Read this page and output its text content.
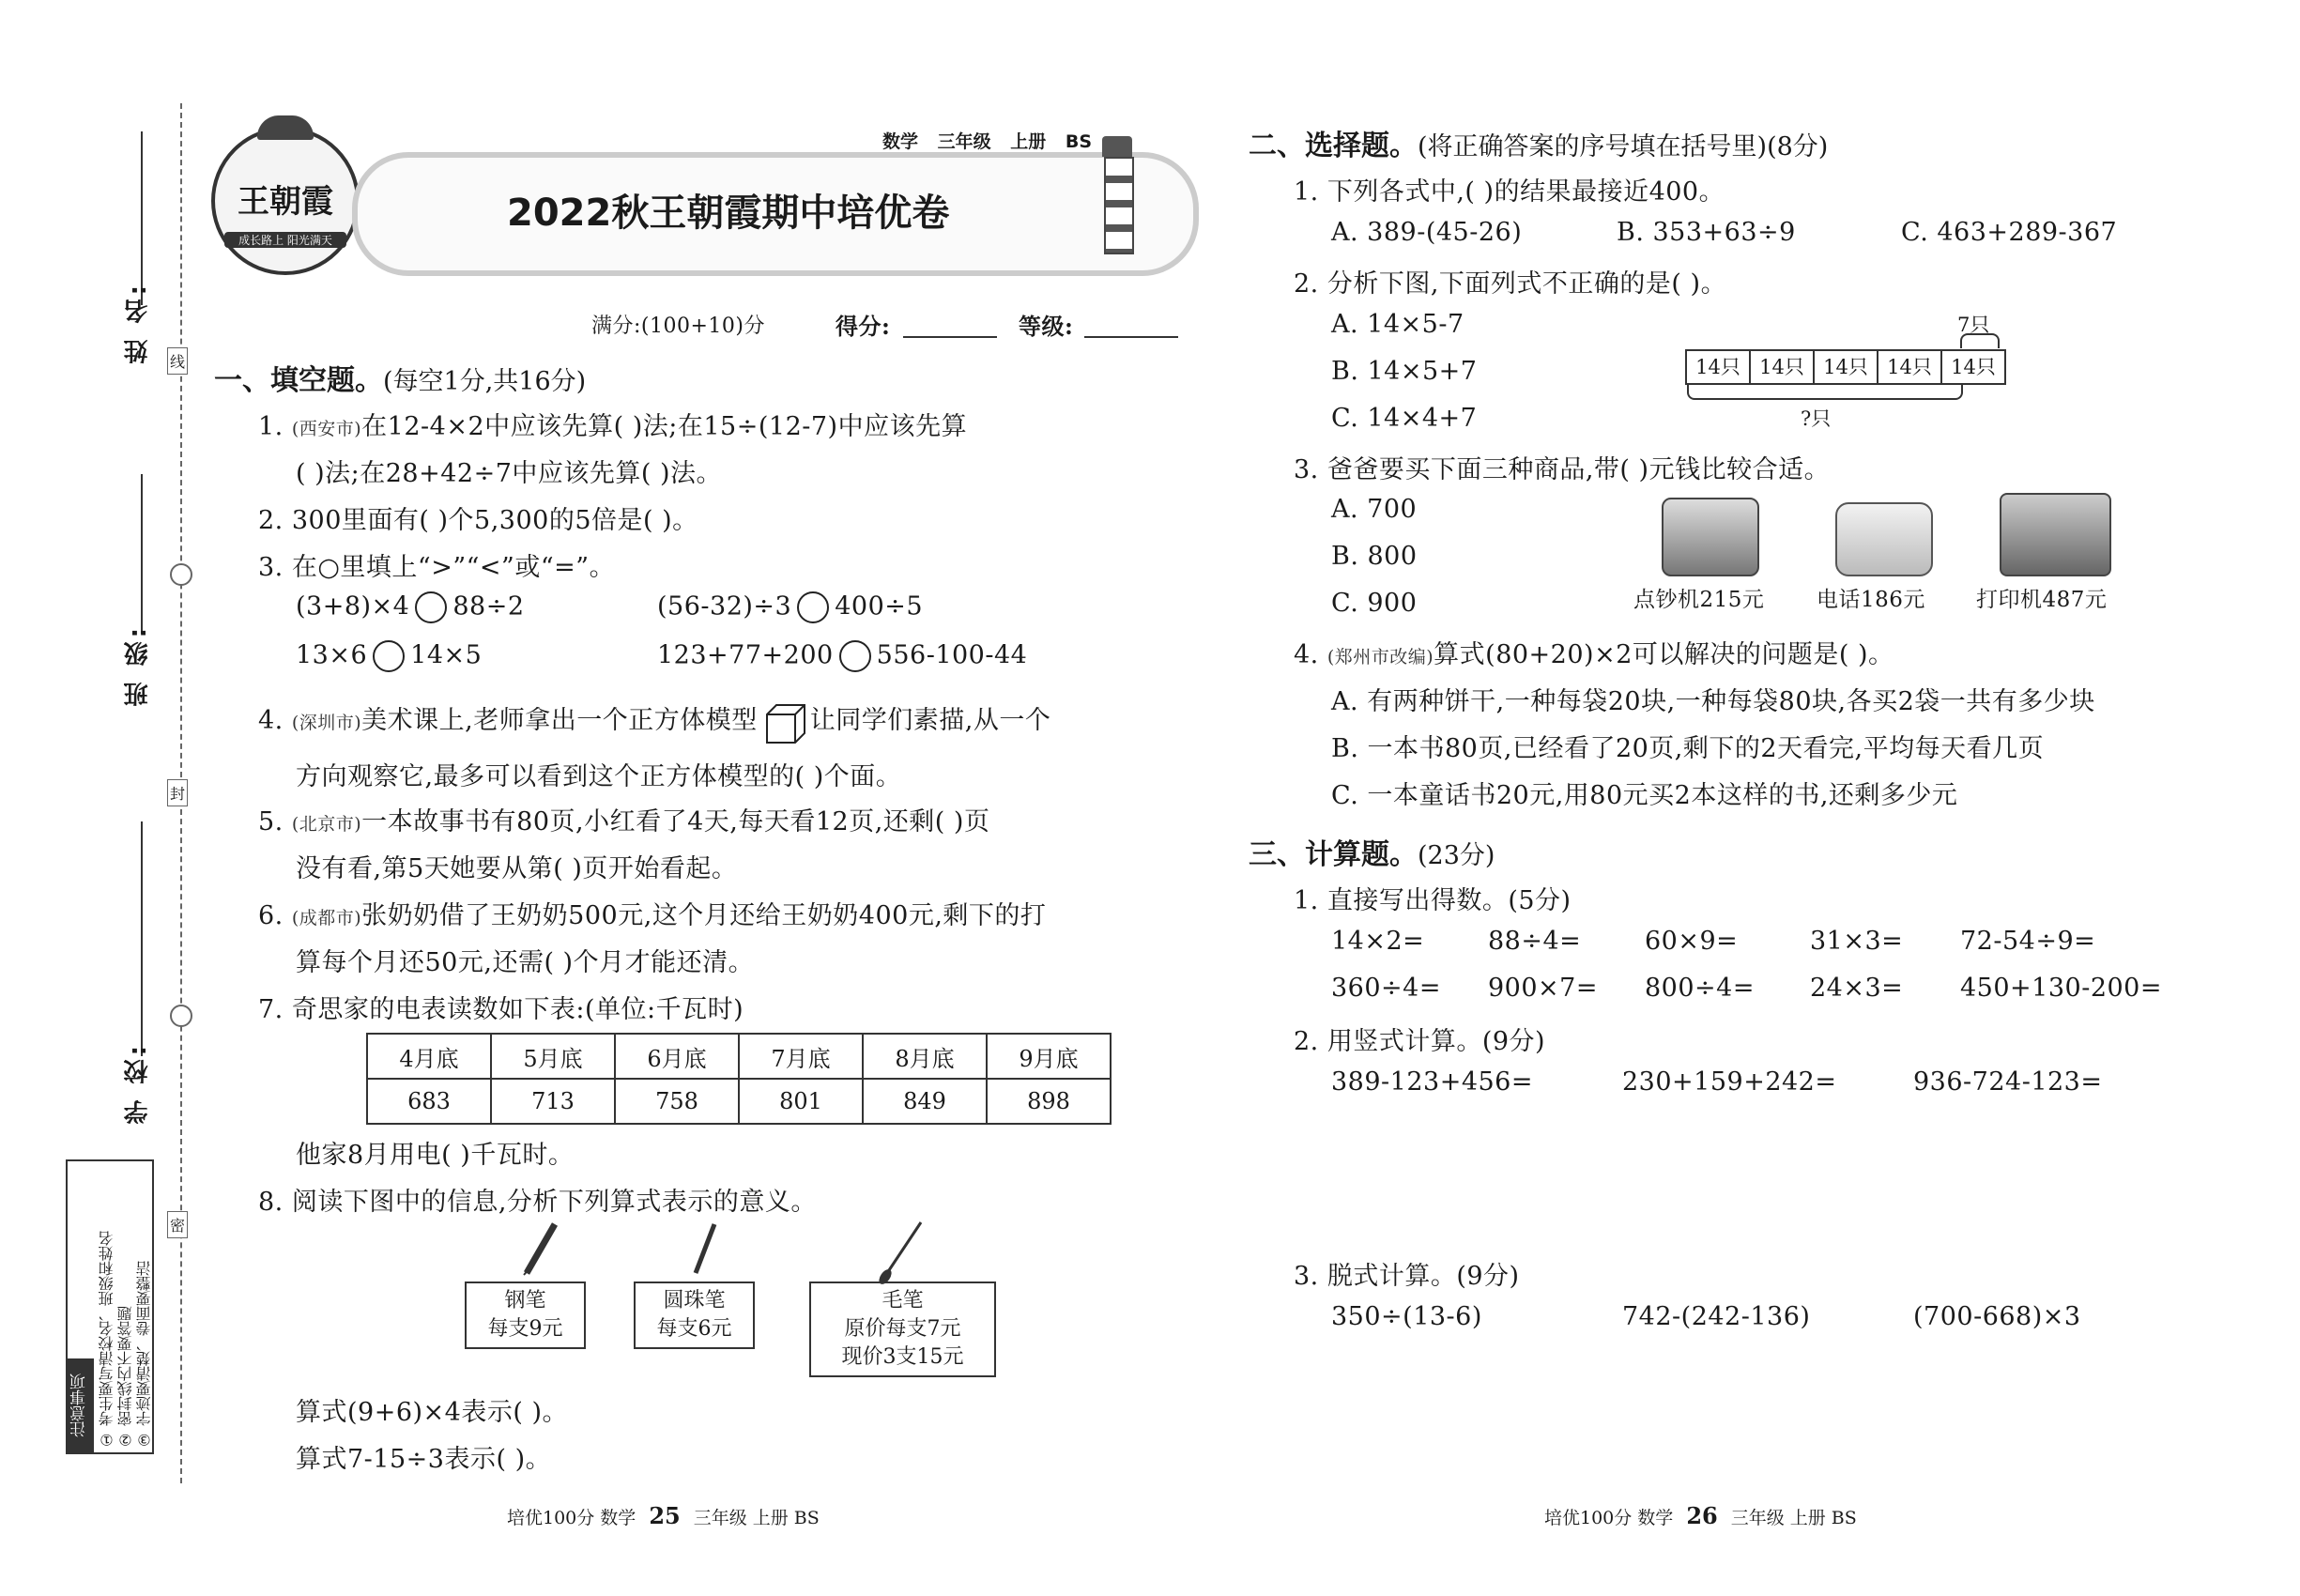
线
封
密
姓 名:
班 级:
学 校:
注意事项 ① 考生要写清校名、班级和姓名 ② 密封线内不要答题 ③ 字迹要清楚、卷面要整洁
王朝霞
成长路上 阳光满天
数学 三年级 上册 BS
2022秋王朝霞期中培优卷
满分:(100+10)分	得分:	等级:
一、填空题。(每空1分,共16分)
1. (西安市)在12-4×2中应该先算( )法;在15÷(12-7)中应该先算
( )法;在28+42÷7中应该先算( )法。
2. 300里面有( )个5,300的5倍是( )。
3. 在○里填上“>”“<”或“=”。
(3+8)×4 88÷2	(56-32)÷3 400÷5
13×6 14×5	123+77+200 556-100-44
4. (深圳市)美术课上,老师拿出一个正方体模型 让同学们素描,从一个
方向观察它,最多可以看到这个正方体模型的( )个面。
5. (北京市)一本故事书有80页,小红看了4天,每天看12页,还剩( )页
没有看,第5天她要从第( )页开始看起。
6. (成都市)张奶奶借了王奶奶500元,这个月还给王奶奶400元,剩下的打
算每个月还50元,还需( )个月才能还清。
7. 奇思家的电表读数如下表:(单位:千瓦时)
4月底	5月底	6月底	7月底	8月底	9月底
683	713	758	801	849	898
他家8月用电( )千瓦时。
8. 阅读下图中的信息,分析下列算式表示的意义。
钢笔
每支9元
圆珠笔
每支6元
毛笔
原价每支7元
现价3支15元
算式(9+6)×4表示( )。
算式7-15÷3表示( )。
二、选择题。(将正确答案的序号填在括号里)(8分)
1. 下列各式中,( )的结果最接近400。
A. 389-(45-26)	B. 353+63÷9	C. 463+289-367
2. 分析下图,下面列式不正确的是( )。
A. 14×5-7
B. 14×5+7
C. 14×4+7
7只
14只 14只 14只 14只 14只
?只
3. 爸爸要买下面三种商品,带( )元钱比较合适。
A. 700
B. 800
C. 900	点钞机215元 电话186元 打印机487元
4. (郑州市改编)算式(80+20)×2可以解决的问题是( )。
A. 有两种饼干,一种每袋20块,一种每袋80块,各买2袋一共有多少块
B. 一本书80页,已经看了20页,剩下的2天看完,平均每天看几页
C. 一本童话书20元,用80元买2本这样的书,还剩多少元
三、计算题。(23分)
1. 直接写出得数。(5分)
14×2=	88÷4=	60×9=	31×3= 72-54÷9=
360÷4= 900×7= 800÷4= 24×3= 450+130-200=
2. 用竖式计算。(9分)
389-123+456=	230+159+242=	936-724-123=
3. 脱式计算。(9分)
350÷(13-6)	742-(242-136)	(700-668)×3
培优100分 数学 25 三年级 上册 BS	培优100分 数学 26 三年级 上册 BS
